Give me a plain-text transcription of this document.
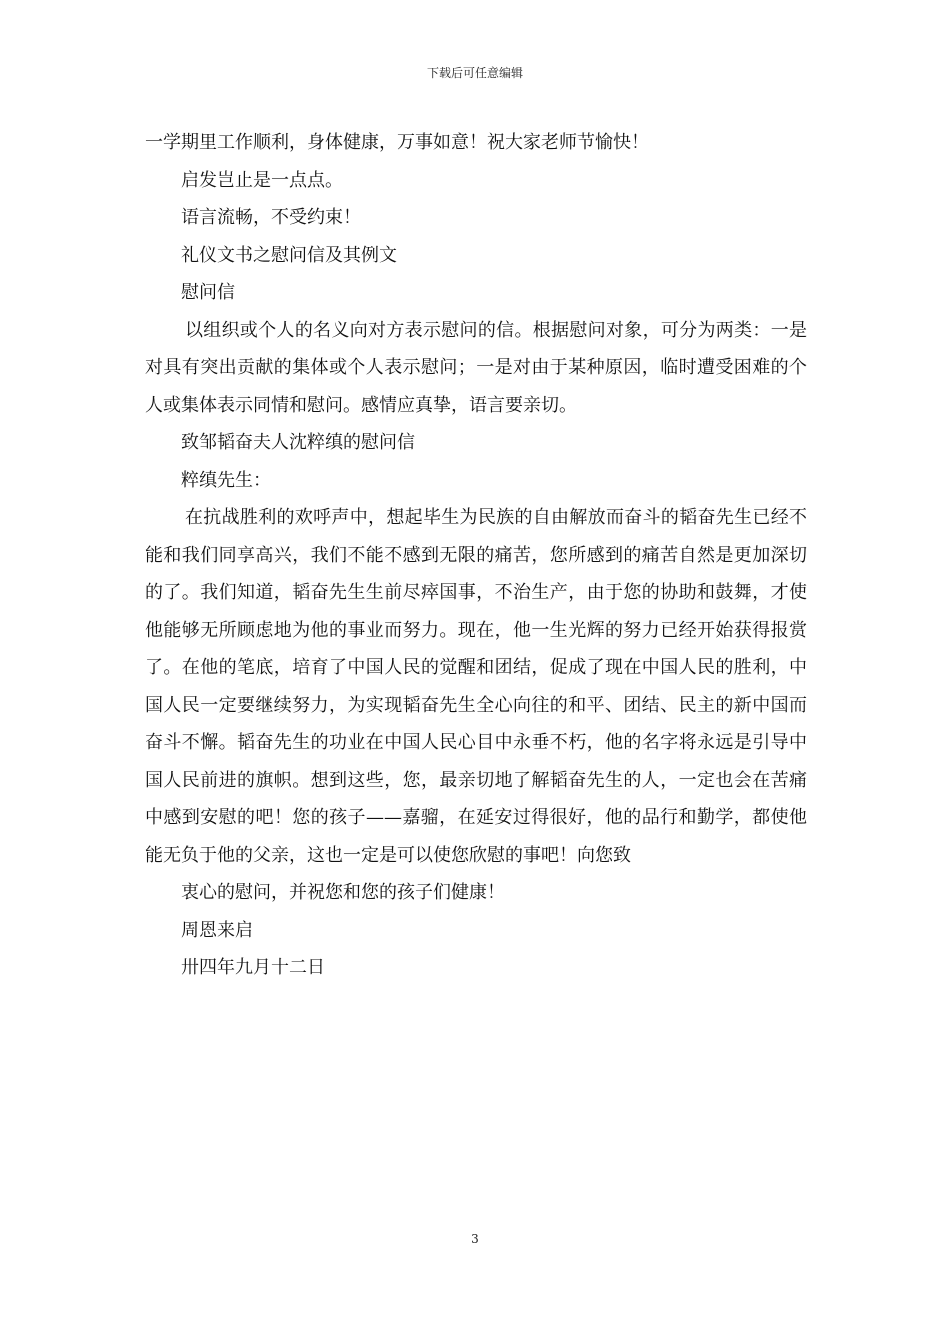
下载后可任意编辑

一学期里工作顺利，身体健康，万事如意！祝大家老师节愉快！

启发岂止是一点点。

语言流畅，不受约束！

礼仪文书之慰问信及其例文

慰问信

以组织或个人的名义向对方表示慰问的信。根据慰问对象，可分为两类：一是对具有突出贡献的集体或个人表示慰问；一是对由于某种原因，临时遭受困难的个人或集体表示同情和慰问。感情应真挚，语言要亲切。

致邹韬奋夫人沈粹缜的慰问信

粹缜先生：

在抗战胜利的欢呼声中，想起毕生为民族的自由解放而奋斗的韬奋先生已经不能和我们同享高兴，我们不能不感到无限的痛苦，您所感到的痛苦自然是更加深切的了。我们知道，韬奋先生生前尽瘁国事，不治生产，由于您的协助和鼓舞，才使他能够无所顾虑地为他的事业而努力。现在，他一生光辉的努力已经开始获得报赏了。在他的笔底，培育了中国人民的觉醒和团结，促成了现在中国人民的胜利，中国人民一定要继续努力，为实现韬奋先生全心向往的和平、团结、民主的新中国而奋斗不懈。韬奋先生的功业在中国人民心目中永垂不朽，他的名字将永远是引导中国人民前进的旗帜。想到这些，您，最亲切地了解韬奋先生的人，一定也会在苦痛中感到安慰的吧！您的孩子——嘉骝，在延安过得很好，他的品行和勤学，都使他能无负于他的父亲，这也一定是可以使您欣慰的事吧！向您致

衷心的慰问，并祝您和您的孩子们健康！

周恩来启

卅四年九月十二日

3
